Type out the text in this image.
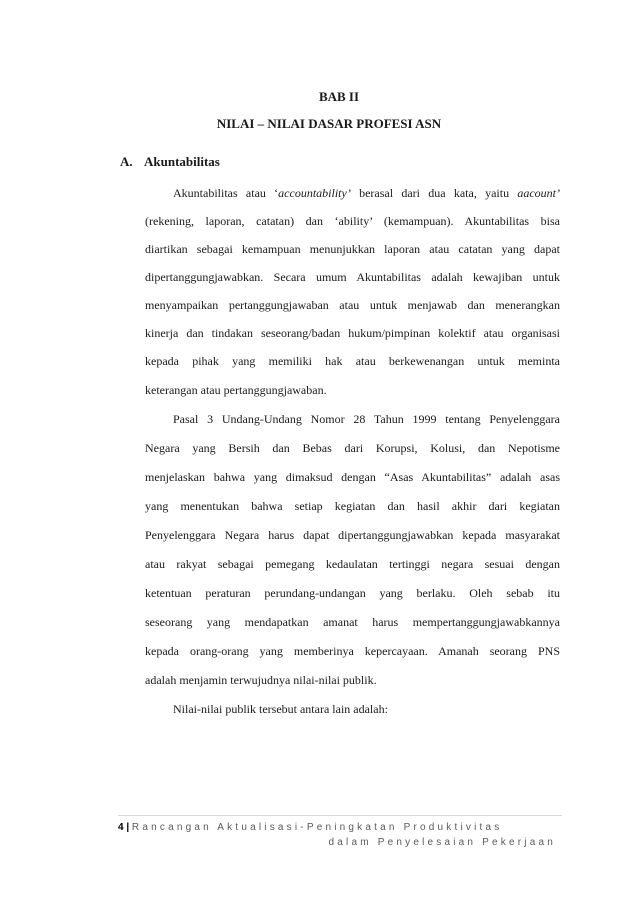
BAB II
NILAI – NILAI DASAR PROFESI ASN
A. Akuntabilitas
Akuntabilitas atau ‘accountability’ berasal dari dua kata, yaitu aacount’
(rekening, laporan, catatan) dan ‘ability’ (kemampuan). Akuntabilitas bisa
diartikan sebagai kemampuan menunjukkan laporan atau catatan yang dapat
dipertanggungjawabkan. Secara umum Akuntabilitas adalah kewajiban untuk
menyampaikan pertanggungjawaban atau untuk menjawab dan menerangkan
kinerja dan tindakan seseorang/badan hukum/pimpinan kolektif atau organisasi
kepada pihak yang memiliki hak atau berkewenangan untuk meminta
keterangan atau pertanggungjawaban.
Pasal 3 Undang-Undang Nomor 28 Tahun 1999 tentang Penyelenggara
Negara yang Bersih dan Bebas dari Korupsi, Kolusi, dan Nepotisme
menjelaskan bahwa yang dimaksud dengan “Asas Akuntabilitas” adalah asas
yang menentukan bahwa setiap kegiatan dan hasil akhir dari kegiatan
Penyelenggara Negara harus dapat dipertanggungjawabkan kepada masyarakat
atau rakyat sebagai pemegang kedaulatan tertinggi negara sesuai dengan
ketentuan peraturan perundang-undangan yang berlaku. Oleh sebab itu
seseorang yang mendapatkan amanat harus mempertanggungjawabkannya
kepada orang-orang yang memberinya kepercayaan. Amanah seorang PNS
adalah menjamin terwujudnya nilai-nilai publik.
Nilai-nilai publik tersebut antara lain adalah:
4 | Rancangan Aktualisasi-Peningkatan Produktivitas
dalam Penyelesaian Pekerjaan
